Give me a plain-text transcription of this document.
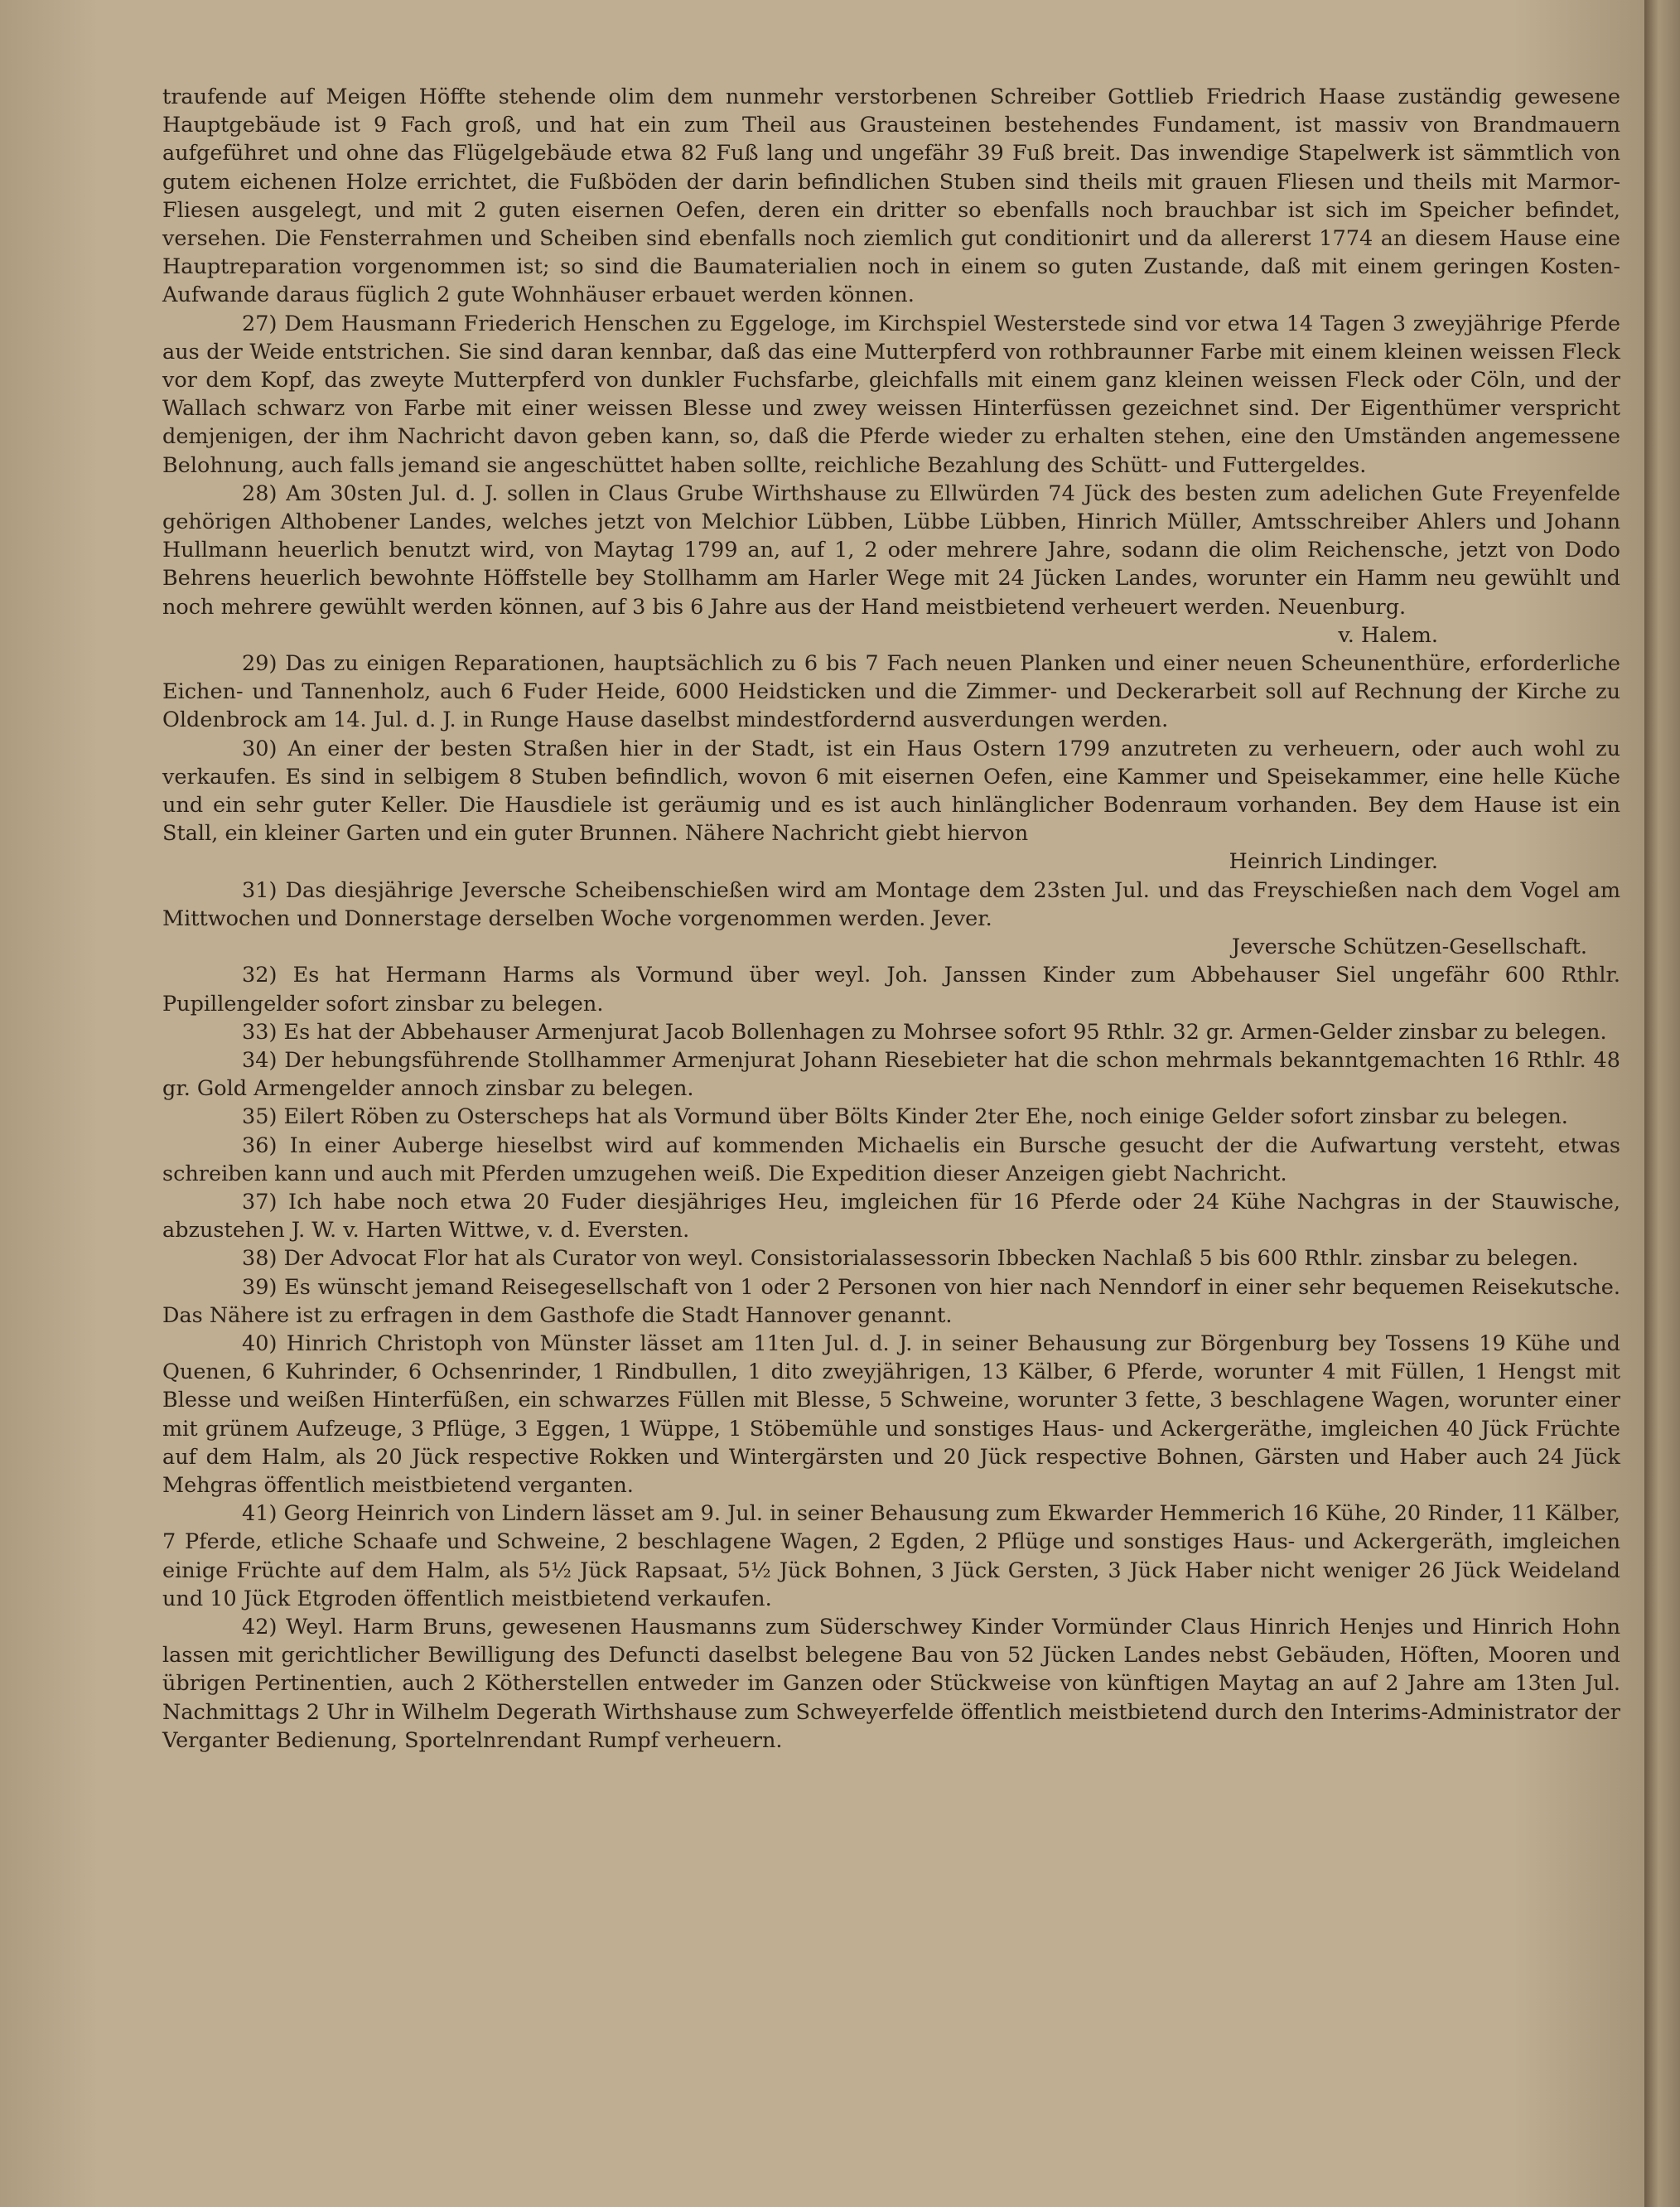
traufende auf Meigen Höffte stehende olim dem nunmehr verstorbenen Schreiber Gottlieb Friedrich Haase zuständig gewesene Hauptgebäude ist 9 Fach groß, und hat ein zum Theil aus Grausteinen bestehendes Fundament, ist massiv von Brandmauern aufgeführet und ohne das Flügelgebäude etwa 82 Fuß lang und ungefähr 39 Fuß breit. Das inwendige Stapelwerk ist sämmtlich von gutem eichenen Holze errichtet, die Fußböden der darin befindlichen Stuben sind theils mit grauen Fliesen und theils mit Marmor-Fliesen ausgelegt, und mit 2 guten eisernen Oefen, deren ein dritter so ebenfalls noch brauchbar ist sich im Speicher befindet, versehen. Die Fensterrahmen und Scheiben sind ebenfalls noch ziemlich gut conditionirt und da allererst 1774 an diesem Hause eine Hauptreparation vorgenommen ist; so sind die Baumaterialien noch in einem so guten Zustande, daß mit einem geringen Kosten-Aufwande daraus füglich 2 gute Wohnhäuser erbauet werden können.

27) Dem Hausmann Friederich Henschen zu Eggeloge, im Kirchspiel Westerstede sind vor etwa 14 Tagen 3 zweyjährige Pferde aus der Weide entstrichen. Sie sind daran kennbar, daß das eine Mutterpferd von rothbraunner Farbe mit einem kleinen weissen Fleck vor dem Kopf, das zweyte Mutterpferd von dunkler Fuchsfarbe, gleichfalls mit einem ganz kleinen weissen Fleck oder Cöln, und der Wallach schwarz von Farbe mit einer weissen Blesse und zwey weissen Hinterfüssen gezeichnet sind. Der Eigenthümer verspricht demjenigen, der ihm Nachricht davon geben kann, so, daß die Pferde wieder zu erhalten stehen, eine den Umständen angemessene Belohnung, auch falls jemand sie angeschüttet haben sollte, reichliche Bezahlung des Schütt- und Futtergeldes.

28) Am 30sten Jul. d. J. sollen in Claus Grube Wirthshause zu Ellwürden 74 Jück des besten zum adelichen Gute Freyenfelde gehörigen Althobener Landes, welches jetzt von Melchior Lübben, Lübbe Lübben, Hinrich Müller, Amtsschreiber Ahlers und Johann Hullmann heuerlich benutzt wird, von Maytag 1799 an, auf 1, 2 oder mehrere Jahre, sodann die olim Reichensche, jetzt von Dodo Behrens heuerlich bewohnte Höffstelle bey Stollhamm am Harler Wege mit 24 Jücken Landes, worunter ein Hamm neu gewühlt und noch mehrere gewühlt werden können, auf 3 bis 6 Jahre aus der Hand meistbietend verheuert werden. Neuenburg.

v. Halem.

29) Das zu einigen Reparationen, hauptsächlich zu 6 bis 7 Fach neuen Planken und einer neuen Scheunenthüre, erforderliche Eichen- und Tannenholz, auch 6 Fuder Heide, 6000 Heidsticken und die Zimmer- und Deckerarbeit soll auf Rechnung der Kirche zu Oldenbrock am 14. Jul. d. J. in Runge Hause daselbst mindestfordernd ausverdungen werden.

30) An einer der besten Straßen hier in der Stadt, ist ein Haus Ostern 1799 anzutreten zu verheuern, oder auch wohl zu verkaufen. Es sind in selbigem 8 Stuben befindlich, wovon 6 mit eisernen Oefen, eine Kammer und Speisekammer, eine helle Küche und ein sehr guter Keller. Die Hausdiele ist geräumig und es ist auch hinlänglicher Bodenraum vorhanden. Bey dem Hause ist ein Stall, ein kleiner Garten und ein guter Brunnen. Nähere Nachricht giebt hiervon

Heinrich Lindinger.

31) Das diesjährige Jeversche Scheibenschießen wird am Montage dem 23sten Jul. und das Freyschießen nach dem Vogel am Mittwochen und Donnerstage derselben Woche vorgenommen werden. Jever.

Jeversche Schützen-Gesellschaft.

32) Es hat Hermann Harms als Vormund über weyl. Joh. Janssen Kinder zum Abbehauser Siel ungefähr 600 Rthlr. Pupillengelder sofort zinsbar zu belegen.

33) Es hat der Abbehauser Armenjurat Jacob Bollenhagen zu Mohrsee sofort 95 Rthlr. 32 gr. Armen-Gelder zinsbar zu belegen.

34) Der hebungsführende Stollhammer Armenjurat Johann Riesebieter hat die schon mehrmals bekanntgemachten 16 Rthlr. 48 gr. Gold Armengelder annoch zinsbar zu belegen.

35) Eilert Röben zu Osterscheps hat als Vormund über Bölts Kinder 2ter Ehe, noch einige Gelder sofort zinsbar zu belegen.

36) In einer Auberge hieselbst wird auf kommenden Michaelis ein Bursche gesucht der die Aufwartung versteht, etwas schreiben kann und auch mit Pferden umzugehen weiß. Die Expedition dieser Anzeigen giebt Nachricht.

37) Ich habe noch etwa 20 Fuder diesjähriges Heu, imgleichen für 16 Pferde oder 24 Kühe Nachgras in der Stauwische, abzustehen J. W. v. Harten Wittwe, v. d. Eversten.

38) Der Advocat Flor hat als Curator von weyl. Consistorialassessorin Ibbecken Nachlaß 5 bis 600 Rthlr. zinsbar zu belegen.

39) Es wünscht jemand Reisegesellschaft von 1 oder 2 Personen von hier nach Nenndorf in einer sehr bequemen Reisekutsche. Das Nähere ist zu erfragen in dem Gasthofe die Stadt Hannover genannt.

40) Hinrich Christoph von Münster lässet am 11ten Jul. d. J. in seiner Behausung zur Börgenburg bey Tossens 19 Kühe und Quenen, 6 Kuhrinder, 6 Ochsenrinder, 1 Rindbullen, 1 dito zweyjährigen, 13 Kälber, 6 Pferde, worunter 4 mit Füllen, 1 Hengst mit Blesse und weißen Hinterfüßen, ein schwarzes Füllen mit Blesse, 5 Schweine, worunter 3 fette, 3 beschlagene Wagen, worunter einer mit grünem Aufzeuge, 3 Pflüge, 3 Eggen, 1 Wüppe, 1 Stöbemühle und sonstiges Haus- und Ackergeräthe, imgleichen 40 Jück Früchte auf dem Halm, als 20 Jück respective Rokken und Wintergärsten und 20 Jück respective Bohnen, Gärsten und Haber auch 24 Jück Mehgras öffentlich meistbietend verganten.

41) Georg Heinrich von Lindern lässet am 9. Jul. in seiner Behausung zum Ekwarder Hemmerich 16 Kühe, 20 Rinder, 11 Kälber, 7 Pferde, etliche Schaafe und Schweine, 2 beschlagene Wagen, 2 Egden, 2 Pflüge und sonstiges Haus- und Ackergeräth, imgleichen einige Früchte auf dem Halm, als 5½ Jück Rapsaat, 5½ Jück Bohnen, 3 Jück Gersten, 3 Jück Haber nicht weniger 26 Jück Weideland und 10 Jück Etgroden öffentlich meistbietend verkaufen.

42) Weyl. Harm Bruns, gewesenen Hausmanns zum Süderschwey Kinder Vormünder Claus Hinrich Henjes und Hinrich Hohn lassen mit gerichtlicher Bewilligung des Defuncti daselbst belegene Bau von 52 Jücken Landes nebst Gebäuden, Höften, Mooren und übrigen Pertinentien, auch 2 Kötherstellen entweder im Ganzen oder Stückweise von künftigen Maytag an auf 2 Jahre am 13ten Jul. Nachmittags 2 Uhr in Wilhelm Degerath Wirthshause zum Schweyerfelde öffentlich meistbietend durch den Interims-Administrator der Verganter Bedienung, Sportelnrendant Rumpf verheuern.
